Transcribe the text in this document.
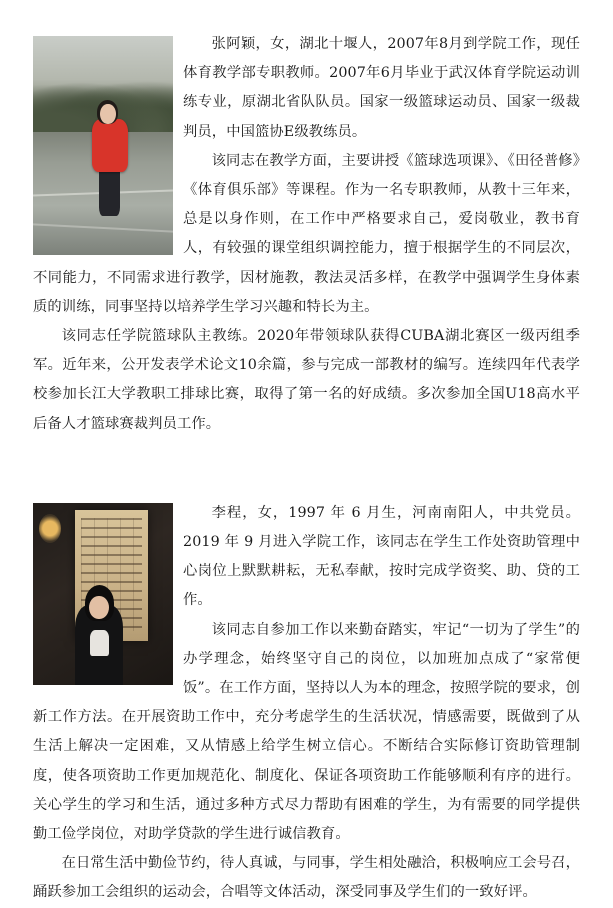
张阿颖，女，湖北十堰人，2007年8月到学院工作，现任体育教学部专职教师。2007年6月毕业于武汉体育学院运动训练专业，原湖北省队队员。国家一级篮球运动员、国家一级裁判员，中国篮协E级教练员。

该同志在教学方面，主要讲授《篮球选项课》、《田径普修》《体育俱乐部》等课程。作为一名专职教师，从教十三年来，总是以身作则，在工作中严格要求自己，爱岗敬业，教书育人，有较强的课堂组织调控能力，擅于根据学生的不同层次，不同能力，不同需求进行教学，因材施教，教法灵活多样，在教学中强调学生身体素质的训练，同事坚持以培养学生学习兴趣和特长为主。

该同志任学院篮球队主教练。2020年带领球队获得CUBA湖北赛区一级丙组季军。近年来，公开发表学术论文10余篇，参与完成一部教材的编写。连续四年代表学校参加长江大学教职工排球比赛，取得了第一名的好成绩。多次参加全国U18高水平后备人才篮球赛裁判员工作。

李程，女，1997 年 6 月生，河南南阳人，中共党员。2019 年 9 月进入学院工作，该同志在学生工作处资助管理中心岗位上默默耕耘，无私奉献，按时完成学资奖、助、贷的工作。

该同志自参加工作以来勤奋踏实，牢记“一切为了学生”的办学理念，始终坚守自己的岗位，以加班加点成了“家常便饭”。在工作方面，坚持以人为本的理念，按照学院的要求，创新工作方法。在开展资助工作中，充分考虑学生的生活状况，情感需要，既做到了从生活上解决一定困难，又从情感上给学生树立信心。不断结合实际修订资助管理制度，使各项资助工作更加规范化、制度化、保证各项资助工作能够顺利有序的进行。关心学生的学习和生活，通过多种方式尽力帮助有困难的学生，为有需要的同学提供勤工俭学岗位，对助学贷款的学生进行诚信教育。

在日常生活中勤俭节约，待人真诚，与同事，学生相处融洽，积极响应工会号召，踊跃参加工会组织的运动会，合唱等文体活动，深受同事及学生们的一致好评。
